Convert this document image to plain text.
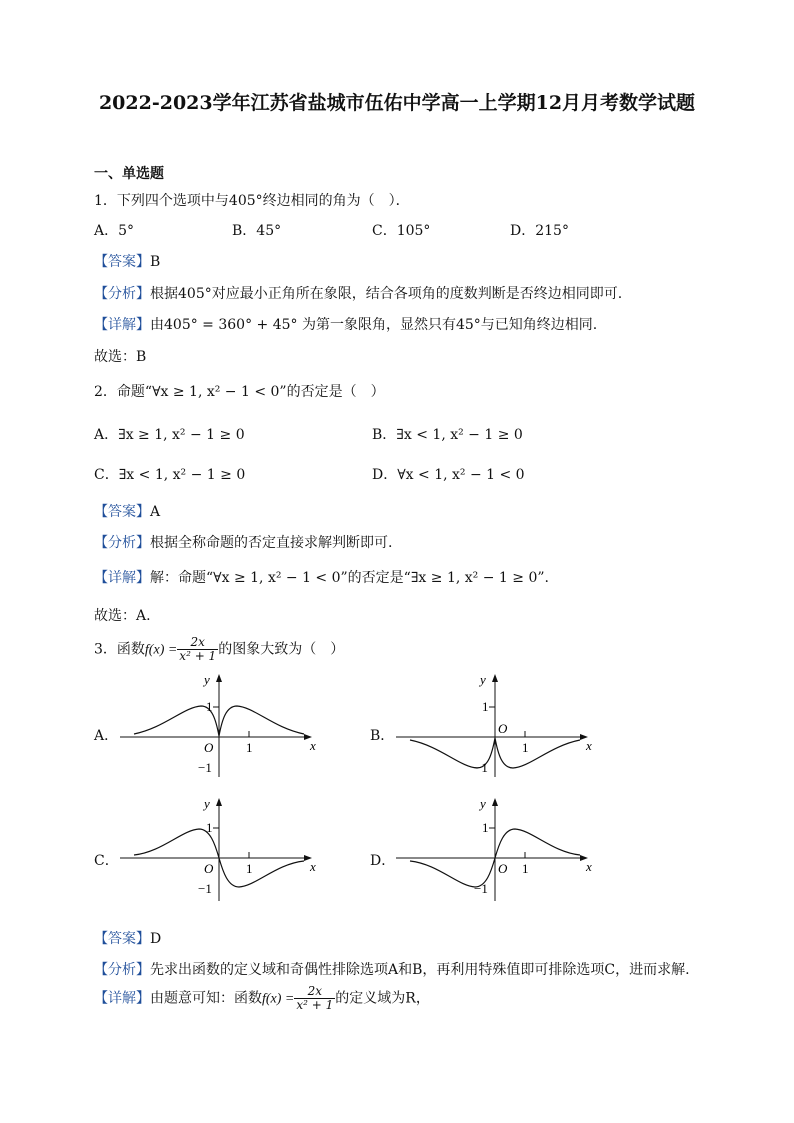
2022-2023学年江苏省盐城市伍佑中学高一上学期12月月考数学试题
一、单选题
1．下列四个选项中与405°终边相同的角为（　）．
A．5°	B．45°	C．105°	D．215°
【答案】B
【分析】根据405°对应最小正角所在象限，结合各项角的度数判断是否终边相同即可.
【详解】由405° = 360° + 45° 为第一象限角，显然只有45°与已知角终边相同.
故选：B
2．命题“∀x ≥ 1, x² − 1 < 0”的否定是（　）
A．∃x ≥ 1, x² − 1 ≥ 0	B．∃x < 1, x² − 1 ≥ 0
C．∃x < 1, x² − 1 ≥ 0	D．∀x < 1, x² − 1 < 0
【答案】A
【分析】根据全称命题的否定直接求解判断即可.
【详解】解：命题“∀x ≥ 1, x² − 1 < 0”的否定是“∃x ≥ 1, x² − 1 ≥ 0”.
故选：A.
3．函数$f(x) = \frac{2x}{\text{x² + 1}}$ 的图象大致为（　）
A．	B．
C．	D．
y
x
O
1
1
−1
y
x
O
1
1
−1
y
x
O
1
1
−1
y
x
O
1
1
−1
【答案】D
【分析】先求出函数的定义域和奇偶性排除选项A和B，再利用特殊值即可排除选项C，进而求解.
【详解】由题意可知：函数$f(x) = \frac{2x}{\text{x² + 1}}$ 的定义域为R，
